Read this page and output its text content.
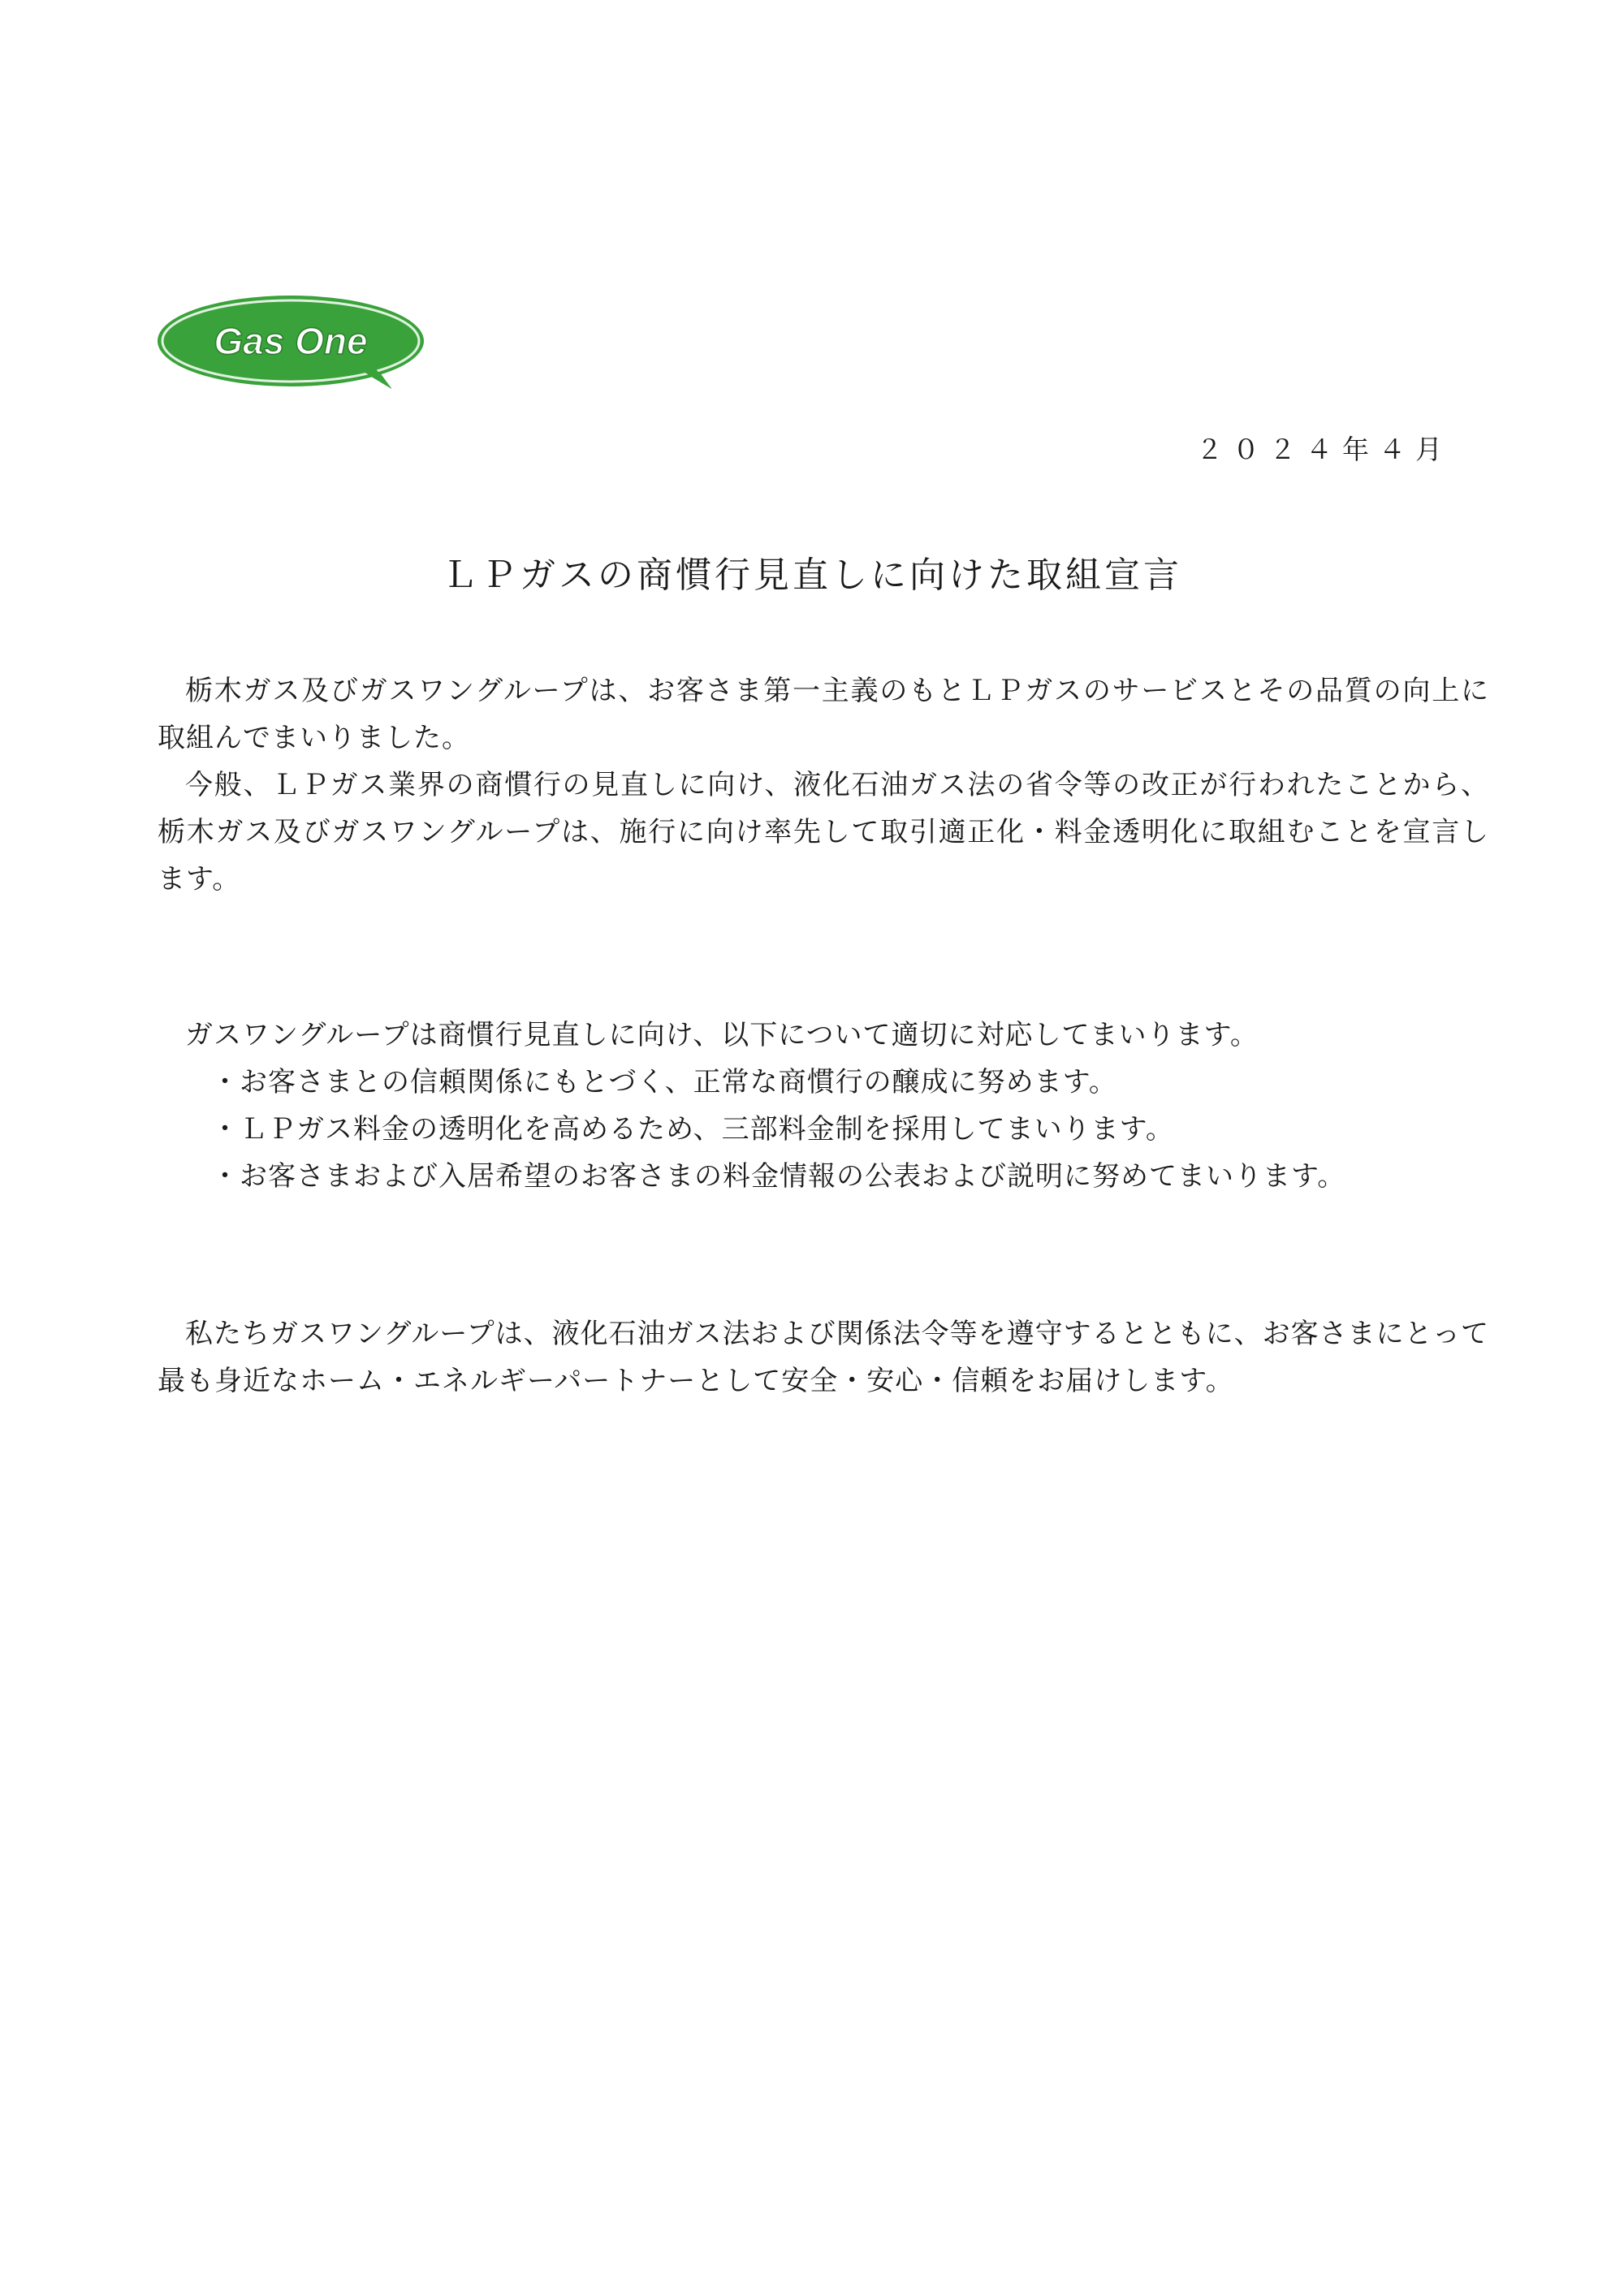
Gas One
２０２４年４月
ＬＰガスの商慣行見直しに向けた取組宣言

栃木ガス及びガスワングループは、お客さま第一主義のもとＬＰガスのサービスとその品質の向上に取組んでまいりました。

今般、ＬＰガス業界の商慣行の見直しに向け、液化石油ガス法の省令等の改正が行われたことから、栃木ガス及びガスワングループは、施行に向け率先して取引適正化・料金透明化に取組むことを宣言します。

ガスワングループは商慣行見直しに向け、以下について適切に対応してまいります。

・お客さまとの信頼関係にもとづく、正常な商慣行の醸成に努めます。
・ＬＰガス料金の透明化を高めるため、三部料金制を採用してまいります。
・お客さまおよび入居希望のお客さまの料金情報の公表および説明に努めてまいります。

私たちガスワングループは、液化石油ガス法および関係法令等を遵守するとともに、お客さまにとって最も身近なホーム・エネルギーパートナーとして安全・安心・信頼をお届けします。
